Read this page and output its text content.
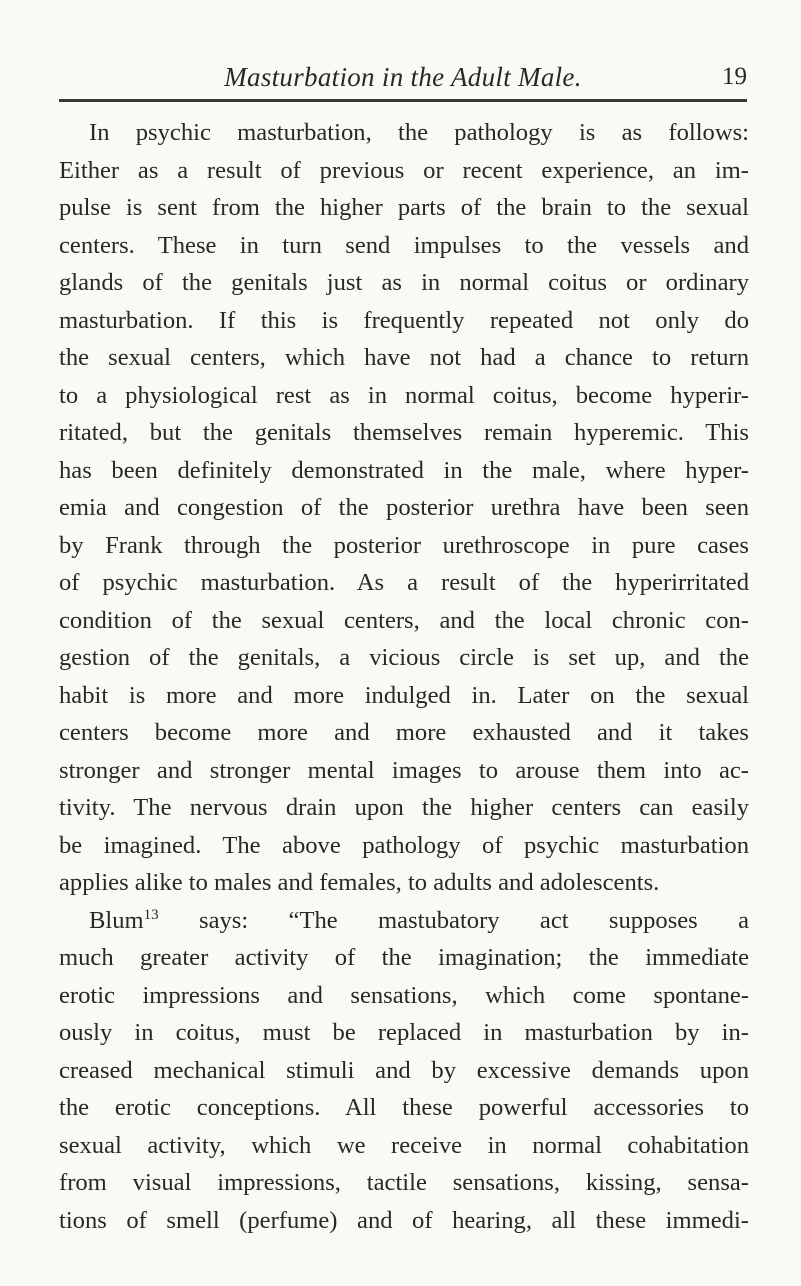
Masturbation in the Adult Male.	19
In psychic masturbation, the pathology is as follows:
Either as a result of previous or recent experience, an im-
pulse is sent from the higher parts of the brain to the sexual
centers. These in turn send impulses to the vessels and
glands of the genitals just as in normal coitus or ordinary
masturbation. If this is frequently repeated not only do
the sexual centers, which have not had a chance to return
to a physiological rest as in normal coitus, become hyperir-
ritated, but the genitals themselves remain hyperemic. This
has been definitely demonstrated in the male, where hyper-
emia and congestion of the posterior urethra have been seen
by Frank through the posterior urethroscope in pure cases
of psychic masturbation. As a result of the hyperirritated
condition of the sexual centers, and the local chronic con-
gestion of the genitals, a vicious circle is set up, and the
habit is more and more indulged in. Later on the sexual
centers become more and more exhausted and it takes
stronger and stronger mental images to arouse them into ac-
tivity. The nervous drain upon the higher centers can easily
be imagined. The above pathology of psychic masturbation
applies alike to males and females, to adults and adolescents.
Blum$^{13}$ says: “The mastubatory act supposes a
much greater activity of the imagination; the immediate
erotic impressions and sensations, which come spontane-
ously in coitus, must be replaced in masturbation by in-
creased mechanical stimuli and by excessive demands upon
the erotic conceptions. All these powerful accessories to
sexual activity, which we receive in normal cohabitation
from visual impressions, tactile sensations, kissing, sensa-
tions of smell (perfume) and of hearing, all these immedi-
